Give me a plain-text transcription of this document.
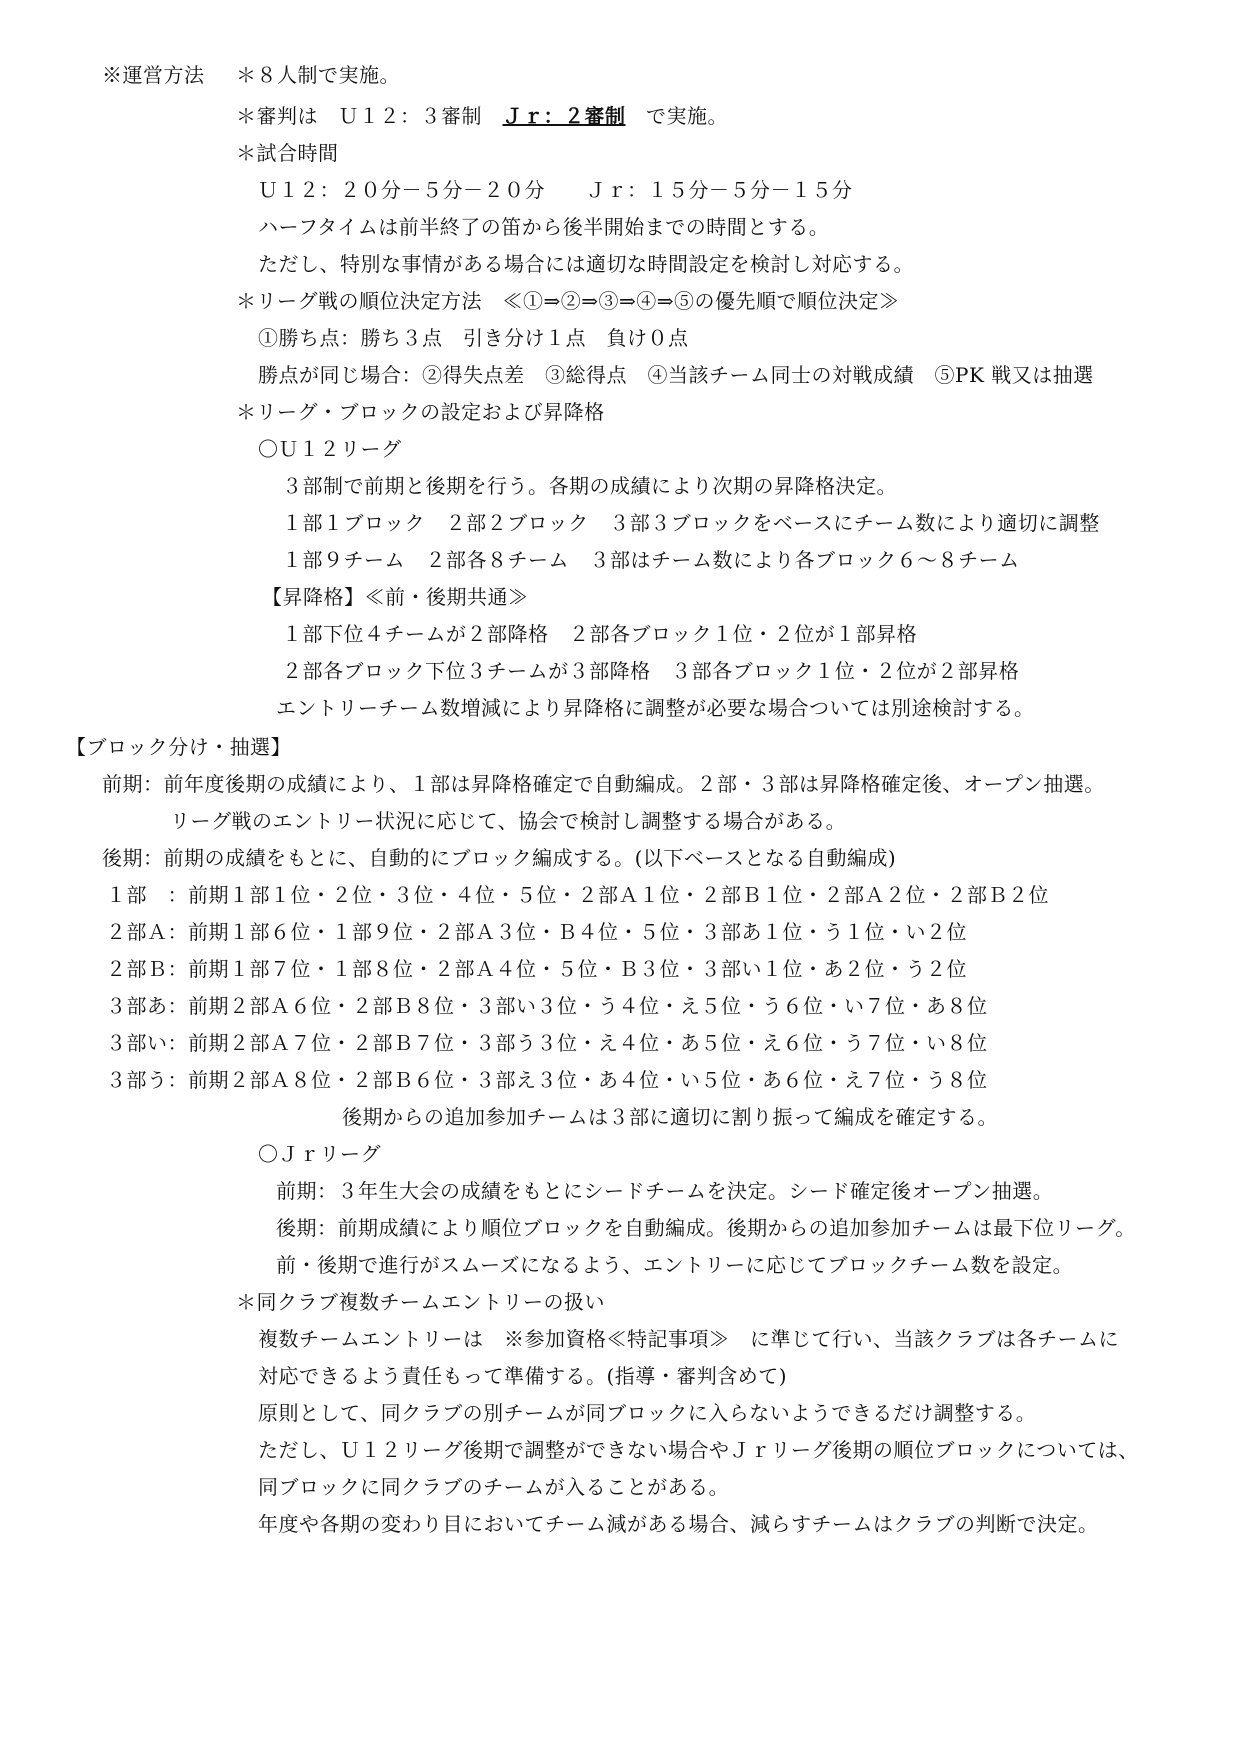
※運営方法 ＊８人制で実施。
＊審判は　Ｕ１２：３審制　Ｊｒ：２審制　で実施。
＊試合時間
Ｕ１２：２０分－５分－２０分　　Ｊｒ：１５分－５分－１５分
ハーフタイムは前半終了の笛から後半開始までの時間とする。
ただし、特別な事情がある場合には適切な時間設定を検討し対応する。
＊リーグ戦の順位決定方法　≪①⇒②⇒③⇒④⇒⑤の優先順で順位決定≫
①勝ち点：勝ち３点　引き分け１点　負け０点
勝点が同じ場合：②得失点差　③総得点　④当該チーム同士の対戦成績　⑤PK 戦又は抽選
＊リーグ・ブロックの設定および昇降格
〇Ｕ１２リーグ
３部制で前期と後期を行う。各期の成績により次期の昇降格決定。
１部１ブロック　２部２ブロック　３部３ブロックをベースにチーム数により適切に調整
１部９チーム　２部各８チーム　３部はチーム数により各ブロック６～８チーム
【昇降格】≪前・後期共通≫
１部下位４チームが２部降格　２部各ブロック１位・２位が１部昇格
２部各ブロック下位３チームが３部降格　３部各ブロック１位・２位が２部昇格
エントリーチーム数増減により昇降格に調整が必要な場合ついては別途検討する。
【ブロック分け・抽選】
前期：前年度後期の成績により、１部は昇降格確定で自動編成。２部・３部は昇降格確定後、オープン抽選。
リーグ戦のエントリー状況に応じて、協会で検討し調整する場合がある。
後期：前期の成績をもとに、自動的にブロック編成する。(以下ベースとなる自動編成)
１部　：前期１部１位・２位・３位・４位・５位・２部Ａ１位・２部Ｂ１位・２部Ａ２位・２部Ｂ２位
２部Ａ：前期１部６位・１部９位・２部Ａ３位・Ｂ４位・５位・３部あ１位・う１位・い２位
２部Ｂ：前期１部７位・１部８位・２部Ａ４位・５位・Ｂ３位・３部い１位・あ２位・う２位
３部あ：前期２部Ａ６位・２部Ｂ８位・３部い３位・う４位・え５位・う６位・い７位・あ８位
３部い：前期２部Ａ７位・２部Ｂ７位・３部う３位・え４位・あ５位・え６位・う７位・い８位
３部う：前期２部Ａ８位・２部Ｂ６位・３部え３位・あ４位・い５位・あ６位・え７位・う８位
後期からの追加参加チームは３部に適切に割り振って編成を確定する。
〇Ｊｒリーグ
前期：３年生大会の成績をもとにシードチームを決定。シード確定後オープン抽選。
後期：前期成績により順位ブロックを自動編成。後期からの追加参加チームは最下位リーグ。
前・後期で進行がスムーズになるよう、エントリーに応じてブロックチーム数を設定。
＊同クラブ複数チームエントリーの扱い
複数チームエントリーは　※参加資格≪特記事項≫　に準じて行い、当該クラブは各チームに
対応できるよう責任もって準備する。(指導・審判含めて)
原則として、同クラブの別チームが同ブロックに入らないようできるだけ調整する。
ただし、Ｕ１２リーグ後期で調整ができない場合やＪｒリーグ後期の順位ブロックについては、
同ブロックに同クラブのチームが入ることがある。
年度や各期の変わり目においてチーム減がある場合、減らすチームはクラブの判断で決定。
